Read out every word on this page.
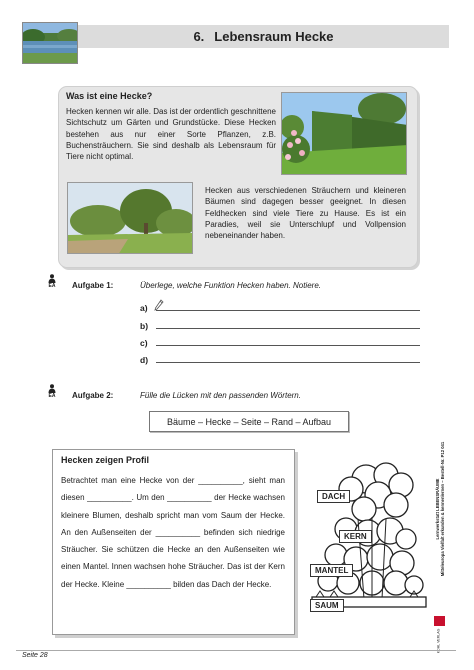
6. Lebensraum Hecke
Was ist eine Hecke?
Hecken kennen wir alle. Das ist der ordentlich geschnittene Sichtschutz um Gärten und Grundstücke. Diese Hecken bestehen aus nur einer Sorte Pflanzen, z.B. Buchensträuchern. Sie sind deshalb als Lebensraum für Tiere nicht optimal.
Hecken aus verschiedenen Sträuchern und kleineren Bäumen sind dagegen besser geeignet. In diesen Feldhecken sind viele Tiere zu Hause. Es ist ein Paradies, weil sie Unterschlupf und Vollpension nebeneinander haben.
EA	Aufgabe 1:	Überlege, welche Funktion Hecken haben. Notiere.
a)
b)
c)
d)
EA	Aufgabe 2:	Fülle die Lücken mit den passenden Wörtern.
Bäume – Hecke – Seite – Rand – Aufbau
Hecken zeigen Profil
Betrachtet man eine Hecke von der __________, sieht man diesen __________. Um den __________ der Hecke wachsen kleinere Blumen, deshalb spricht man vom Saum der Hecke. An den Außenseiten der __________ befinden sich niedrige Sträucher. Sie schützen die Hecke an den Außenseiten wie einen Mantel. Innen wachsen hohe Sträucher. Das ist der Kern der Hecke. Kleine __________ bilden das Dach der Hecke.
DACH
KERN
MANTEL
SAUM
Lernwerkstatt LEBENSRÄUME Mitteleuropa Vielfalt erkunden & kennenlernen – Bestell-Nr. P12 041
KOHL VERLAG
Seite 28
